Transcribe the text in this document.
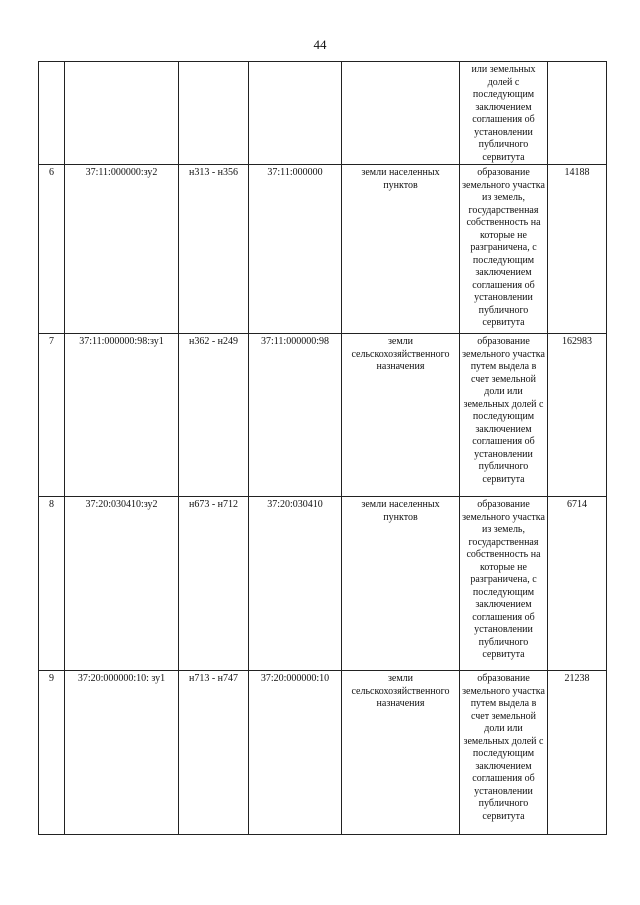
44
					или земельных долей с последующим заключением соглашения об установлении публичного сервитута	
6	37:11:000000:зу2	н313 - н356	37:11:000000	земли населенных пунктов	образование земельного участка из земель, государственная собственность на которые не разграничена, с последующим заключением соглашения об установлении публичного сервитута	14188
7	37:11:000000:98:зу1	н362 - н249	37:11:000000:98	земли сельскохозяйственного назначения	образование земельного участка путем выдела в счет земельной доли или земельных долей с последующим заключением соглашения об установлении публичного сервитута	162983
8	37:20:030410:зу2	н673 - н712	37:20:030410	земли населенных пунктов	образование земельного участка из земель, государственная собственность на которые не разграничена, с последующим заключением соглашения об установлении публичного сервитута	6714
9	37:20:000000:10: зу1	н713 - н747	37:20:000000:10	земли сельскохозяйственного назначения	образование земельного участка путем выдела в счет земельной доли или земельных долей с последующим заключением соглашения об установлении публичного сервитута	21238
